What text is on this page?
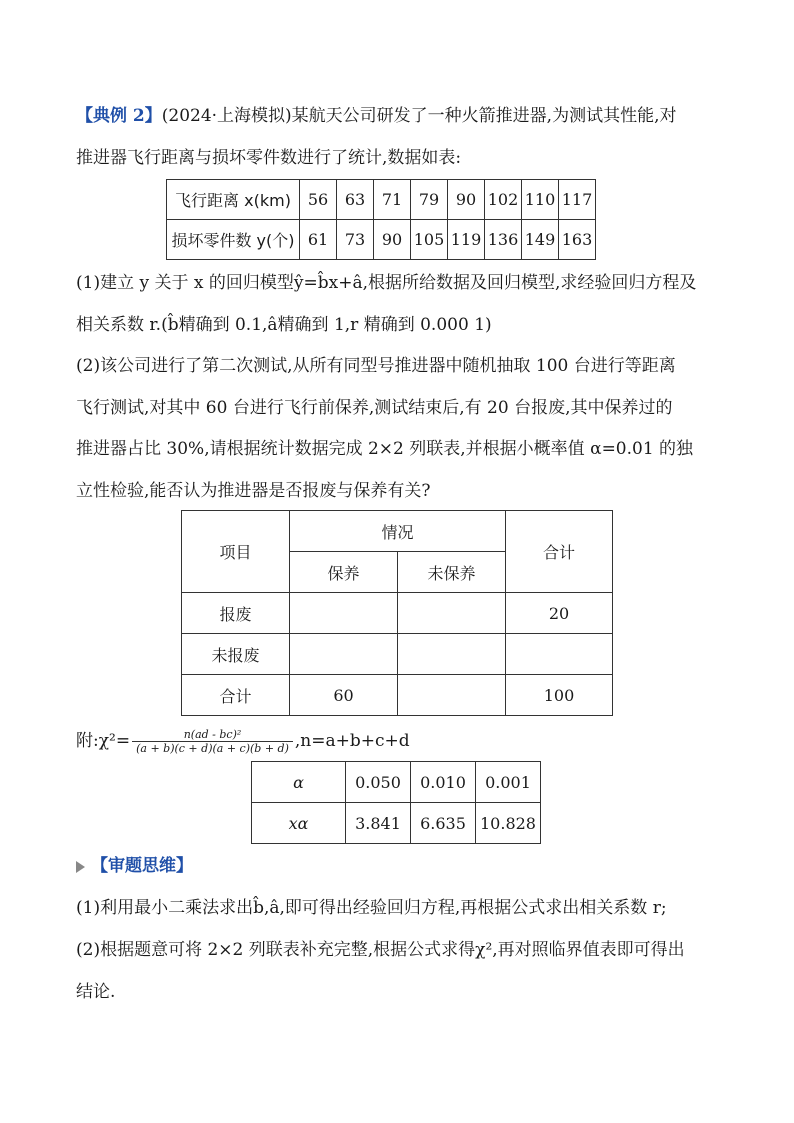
【典例 2】(2024·上海模拟)某航天公司研发了一种火箭推进器,为测试其性能,对
推进器飞行距离与损坏零件数进行了统计,数据如表:
飞行距离 x(km)	56	63	71	79	90	102	110	117
损坏零件数 y(个)	61	73	90	105	119	136	149	163
(1)建立 y 关于 x 的回归模型ŷ=b̂x+â,根据所给数据及回归模型,求经验回归方程及
相关系数 r.(b̂精确到 0.1,â精确到 1,r 精确到 0.000 1)
(2)该公司进行了第二次测试,从所有同型号推进器中随机抽取 100 台进行等距离
飞行测试,对其中 60 台进行飞行前保养,测试结束后,有 20 台报废,其中保养过的
推进器占比 30%,请根据统计数据完成 2×2 列联表,并根据小概率值 α=0.01 的独
立性检验,能否认为推进器是否报废与保养有关?
项目	情况		合计
	保养	未保养	
报废			20
未报废			
合计	60		100
附:χ²= $\frac{\text{n(ad - bc)²}}{(a + b)(c + d)(a + c)(b + d)} ,n=a+b+c+d$
α	0.050	0.010	0.001
xα	3.841	6.635	10.828
【审题思维】
(1)利用最小二乘法求出b̂,â,即可得出经验回归方程,再根据公式求出相关系数 r;
(2)根据题意可将 2×2 列联表补充完整,根据公式求得χ²,再对照临界值表即可得出
结论.
